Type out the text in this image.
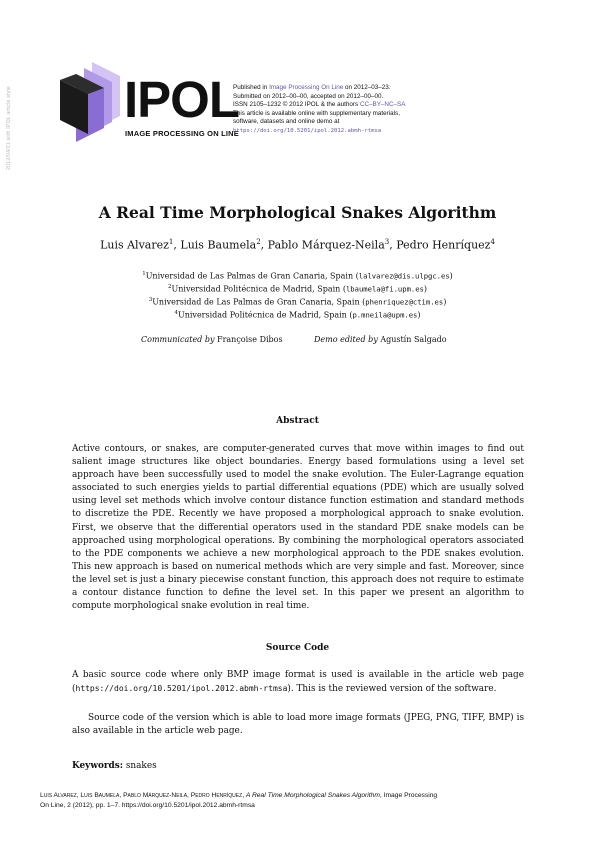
2012/04/21 with IPOL article style IPOL
IMAGE PROCESSING ON LINE
Published in Image Processing On Line on 2012–03–23.
Submitted on 2012–00–00, accepted on 2012–00–00.
ISSN 2105–1232 © 2012 IPOL & the authors CC–BY–NC–SA
This article is available online with supplementary materials,
software, datasets and online demo at
https://doi.org/10.5201/ipol.2012.abmh-rtmsa
A Real Time Morphological Snakes Algorithm
Luis Alvarez$^1$, Luis Baumela$^2$, Pablo Márquez-Neila$^3$, Pedro Henríquez$^4$
$^1$Universidad de Las Palmas de Gran Canaria, Spain (lalvarez@dis.ulpgc.es)
$^2$Universidad Politécnica de Madrid, Spain (lbaumela@fi.upm.es)
$^3$Universidad de Las Palmas de Gran Canaria, Spain (phenriquez@ctim.es)
$^4$Universidad Politécnica de Madrid, Spain (p.mneila@upm.es)
Communicated by Françoise Dibos	Demo edited by Agustín Salgado
Abstract
Active contours, or snakes, are computer-generated curves that move within images to find out salient image structures like object boundaries. Energy based formulations using a level set approach have been successfully used to model the snake evolution. The Euler-Lagrange equation associated to such energies yields to partial differential equations (PDE) which are usually solved using level set methods which involve contour distance function estimation and standard methods to discretize the PDE. Recently we have proposed a morphological approach to snake evolution. First, we observe that the differential operators used in the standard PDE snake models can be approached using morphological operations. By combining the morphological operators associated to the PDE components we achieve a new morphological approach to the PDE snakes evolution. This new approach is based on numerical methods which are very simple and fast. Moreover, since the level set is just a binary piecewise constant function, this approach does not require to estimate a contour distance function to define the level set. In this paper we present an algorithm to compute morphological snake evolution in real time.
Source Code
A basic source code where only BMP image format is used is available in the article web page (https://doi.org/10.5201/ipol.2012.abmh-rtmsa). This is the reviewed version of the software.
Source code of the version which is able to load more image formats (JPEG, PNG, TIFF, BMP) is also available in the article web page.
Keywords: snakes
Luis Alvarez, Luis Baumela, Pablo Márquez-Neila, Pedro Henríquez, A Real Time Morphological Snakes Algorithm, Image Processing
On Line, 2 (2012), pp. 1–7. https://doi.org/10.5201/ipol.2012.abmh-rtmsa
